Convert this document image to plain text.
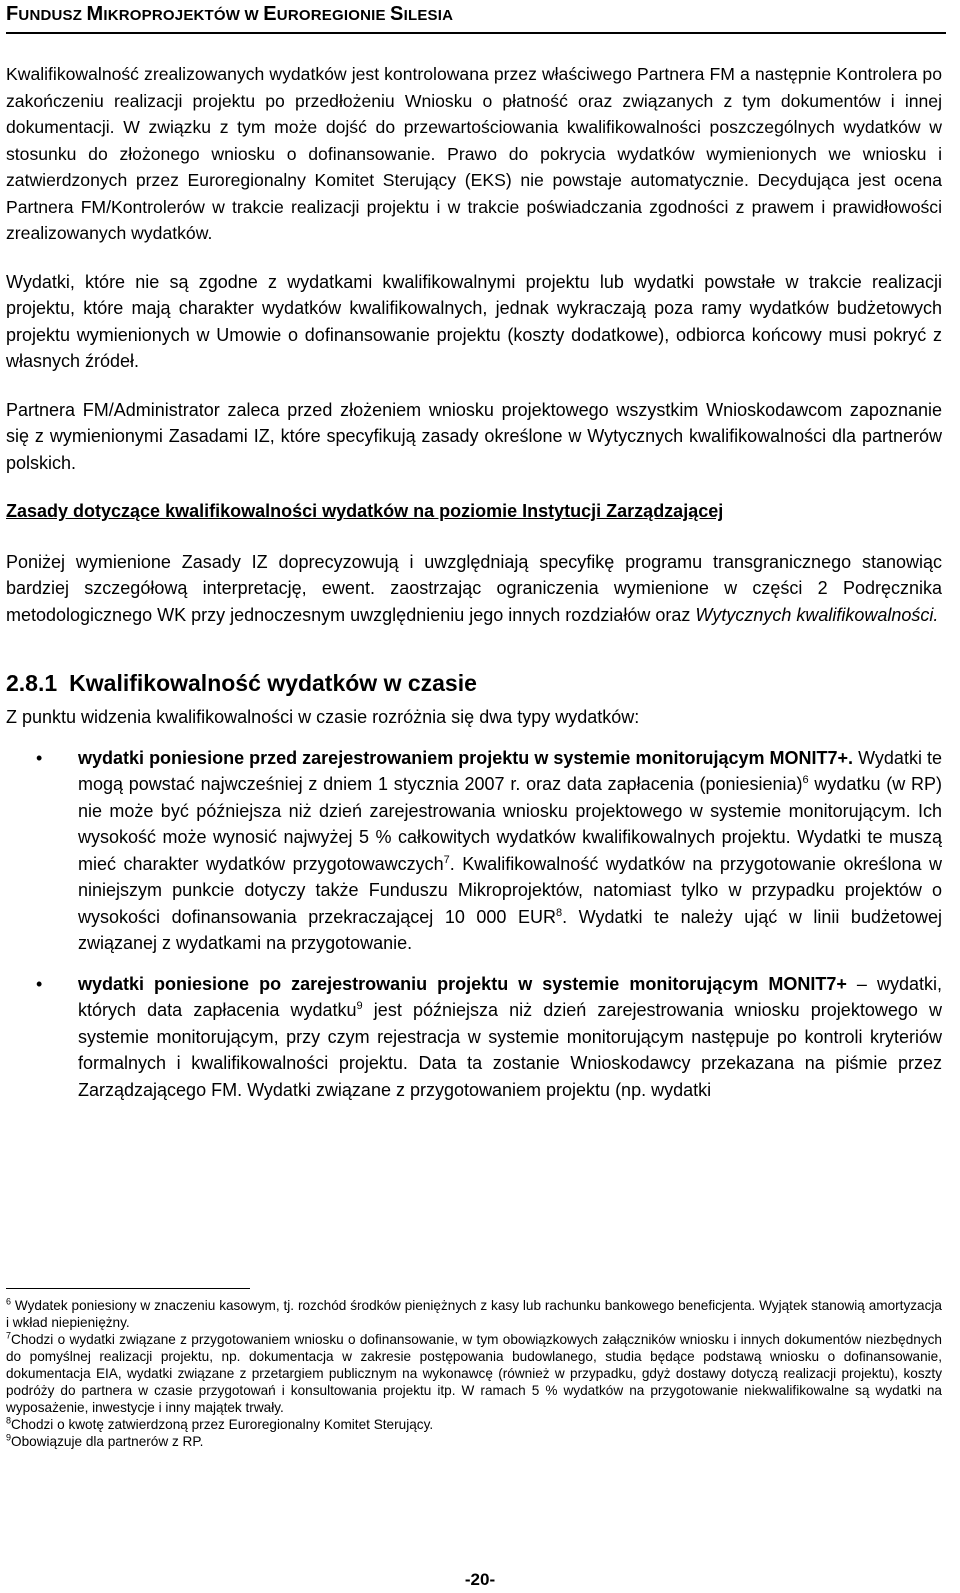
FUNDUSZ MIKROPROJEKTÓW W EUROREGIONIE SILESIA

Kwalifikowalność zrealizowanych wydatków jest kontrolowana przez właściwego Partnera FM a następnie Kontrolera po zakończeniu realizacji projektu po przedłożeniu Wniosku o płatność oraz związanych z tym dokumentów i innej dokumentacji. W związku z tym może dojść do przewartościowania kwalifikowalności poszczególnych wydatków w stosunku do złożonego wniosku o dofinansowanie. Prawo do pokrycia wydatków wymienionych we wniosku i zatwierdzonych przez Euroregionalny Komitet Sterujący (EKS) nie powstaje automatycznie. Decydująca jest ocena Partnera FM/Kontrolerów w trakcie realizacji projektu i w trakcie poświadczania zgodności z prawem i prawidłowości zrealizowanych wydatków.

Wydatki, które nie są zgodne z wydatkami kwalifikowalnymi projektu lub wydatki powstałe w trakcie realizacji projektu, które mają charakter wydatków kwalifikowalnych, jednak wykraczają poza ramy wydatków budżetowych projektu wymienionych w Umowie o dofinansowanie projektu (koszty dodatkowe), odbiorca końcowy musi pokryć z własnych źródeł.

Partnera FM/Administrator zaleca przed złożeniem wniosku projektowego wszystkim Wnioskodawcom zapoznanie się z wymienionymi Zasadami IZ, które specyfikują zasady określone w Wytycznych kwalifikowalności dla partnerów polskich.

Zasady dotyczące kwalifikowalności wydatków na poziomie Instytucji Zarządzającej

Poniżej wymienione Zasady IZ doprecyzowują i uwzględniają specyfikę programu transgranicznego stanowiąc bardziej szczegółową interpretację, ewent. zaostrzając ograniczenia wymienione w części 2 Podręcznika metodologicznego WK przy jednoczesnym uwzględnieniu jego innych rozdziałów oraz Wytycznych kwalifikowalności.

2.8.1 Kwalifikowalność wydatków w czasie

Z punktu widzenia kwalifikowalności w czasie rozróżnia się dwa typy wydatków:

• wydatki poniesione przed zarejestrowaniem projektu w systemie monitorującym MONIT7+. Wydatki te mogą powstać najwcześniej z dniem 1 stycznia 2007 r. oraz data zapłacenia (poniesienia)$^6$ wydatku (w RP) nie może być późniejsza niż dzień zarejestrowania wniosku projektowego w systemie monitorującym. Ich wysokość może wynosić najwyżej 5 % całkowitych wydatków kwalifikowalnych projektu. Wydatki te muszą mieć charakter wydatków przygotowawczych$^7$. Kwalifikowalność wydatków na przygotowanie określona w niniejszym punkcie dotyczy także Funduszu Mikroprojektów, natomiast tylko w przypadku projektów o wysokości dofinansowania przekraczającej 10 000 EUR$^8$. Wydatki te należy ująć w linii budżetowej związanej z wydatkami na przygotowanie.
• wydatki poniesione po zarejestrowaniu projektu w systemie monitorującym MONIT7+ – wydatki, których data zapłacenia wydatku$^9$ jest późniejsza niż dzień zarejestrowania wniosku projektowego w systemie monitorującym, przy czym rejestracja w systemie monitorującym następuje po kontroli kryteriów formalnych i kwalifikowalności projektu. Data ta zostanie Wnioskodawcy przekazana na piśmie przez Zarządzającego FM. Wydatki związane z przygotowaniem projektu (np. wydatki

$^6$ Wydatek poniesiony w znaczeniu kasowym, tj. rozchód środków pieniężnych z kasy lub rachunku bankowego beneficjenta. Wyjątek stanowią amortyzacja i wkład niepieniężny.

$^7$Chodzi o wydatki związane z przygotowaniem wniosku o dofinansowanie, w tym obowiązkowych załączników wniosku i innych dokumentów niezbędnych do pomyślnej realizacji projektu, np. dokumentacja w zakresie postępowania budowlanego, studia będące podstawą wniosku o dofinansowanie, dokumentacja EIA, wydatki związane z przetargiem publicznym na wykonawcę (również w przypadku, gdyż dostawy dotyczą realizacji projektu), koszty podróży do partnera w czasie przygotowań i konsultowania projektu itp. W ramach 5 % wydatków na przygotowanie niekwalifikowalne są wydatki na wyposażenie, inwestycje i inny majątek trwały.

$^8$Chodzi o kwotę zatwierdzoną przez Euroregionalny Komitet Sterujący.

$^9$Obowiązuje dla partnerów z RP.

-20-
